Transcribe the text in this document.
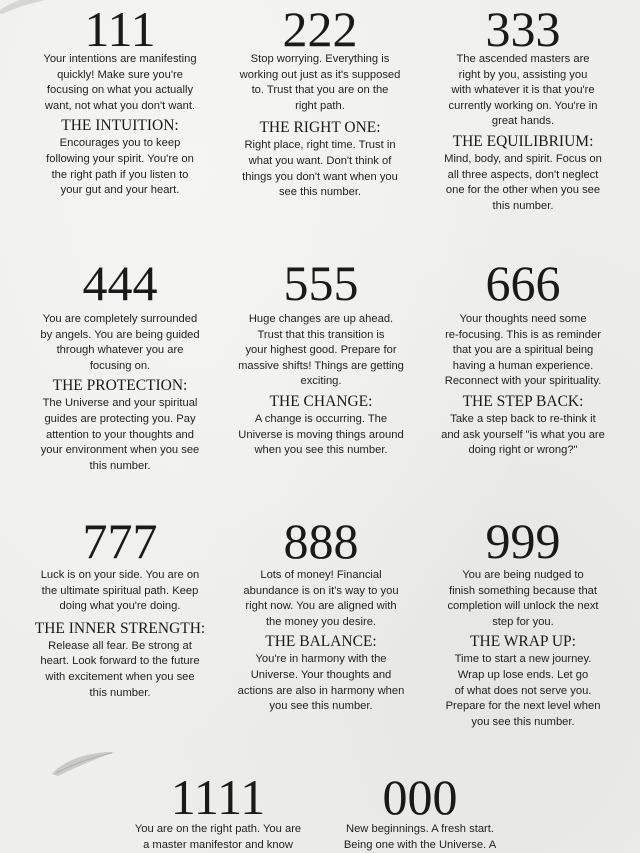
111
Your intentions are manifesting
quickly! Make sure you're
focusing on what you actually
want, not what you don't want.
THE INTUITION:
Encourages you to keep
following your spirit. You're on
the right path if you listen to
your gut and your heart.
222
Stop worrying. Everything is
working out just as it's supposed
to. Trust that you are on the
right path.
THE RIGHT ONE:
Right place, right time. Trust in
what you want. Don't think of
things you don't want when you
see this number.
333
The ascended masters are
right by you, assisting you
with whatever it is that you're
currently working on. You're in
great hands.
THE EQUILIBRIUM:
Mind, body, and spirit. Focus on
all three aspects, don't neglect
one for the other when you see
this number.
444
You are completely surrounded
by angels. You are being guided
through whatever you are
focusing on.
THE PROTECTION:
The Universe and your spiritual
guides are protecting you. Pay
attention to your thoughts and
your environment when you see
this number.
555
Huge changes are up ahead.
Trust that this transition is
your highest good. Prepare for
massive shifts! Things are getting
exciting.
THE CHANGE:
A change is occurring. The
Universe is moving things around
when you see this number.
666
Your thoughts need some
re-focusing. This is as reminder
that you are a spiritual being
having a human experience.
Reconnect with your spirituality.
THE STEP BACK:
Take a step back to re-think it
and ask yourself "is what you are
doing right or wrong?"
777
Luck is on your side. You are on
the ultimate spiritual path. Keep
doing what you're doing.
THE INNER STRENGTH:
Release all fear. Be strong at
heart. Look forward to the future
with excitement when you see
this number.
888
Lots of money! Financial
abundance is on it's way to you
right now. You are aligned with
the money you desire.
THE BALANCE:
You're in harmony with the
Universe. Your thoughts and
actions are also in harmony when
you see this number.
999
You are being nudged to
finish something because that
completion will unlock the next
step for you.
THE WRAP UP:
Time to start a new journey.
Wrap up lose ends. Let go
of what does not serve you.
Prepare for the next level when
you see this number.
1111
You are on the right path. You are
a master manifestor and know
000
New beginnings. A fresh start.
Being one with the Universe. A
